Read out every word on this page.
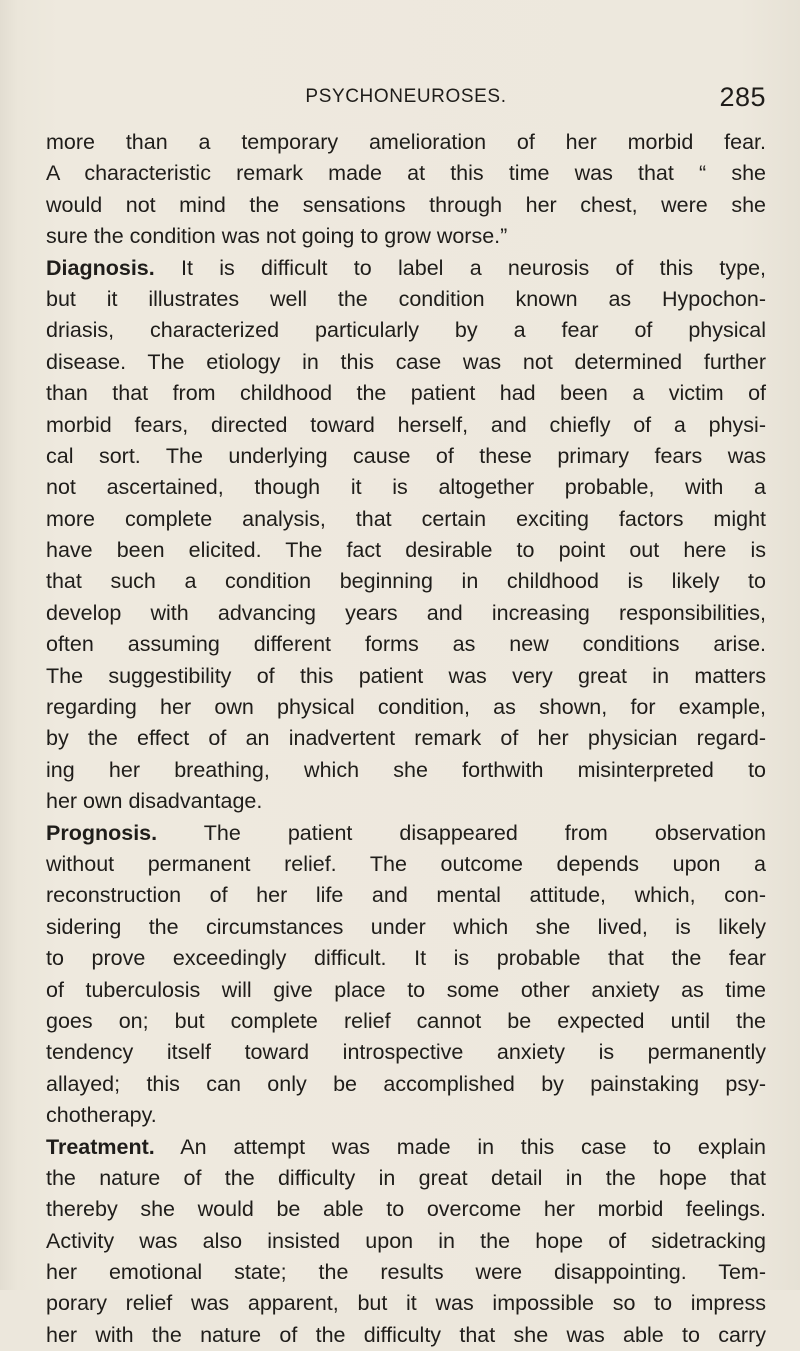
PSYCHONEUROSES.	285
more than a temporary amelioration of her morbid fear.
A characteristic remark made at this time was that “ she
would not mind the sensations through her chest, were she
sure the condition was not going to grow worse.”
Diagnosis. It is difficult to label a neurosis of this type,
but it illustrates well the condition known as Hypochon-
driasis, characterized particularly by a fear of physical
disease. The etiology in this case was not determined further
than that from childhood the patient had been a victim of
morbid fears, directed toward herself, and chiefly of a physi-
cal sort. The underlying cause of these primary fears was
not ascertained, though it is altogether probable, with a
more complete analysis, that certain exciting factors might
have been elicited. The fact desirable to point out here is
that such a condition beginning in childhood is likely to
develop with advancing years and increasing responsibilities,
often assuming different forms as new conditions arise.
The suggestibility of this patient was very great in matters
regarding her own physical condition, as shown, for example,
by the effect of an inadvertent remark of her physician regard-
ing her breathing, which she forthwith misinterpreted to
her own disadvantage.
Prognosis. The patient disappeared from observation
without permanent relief. The outcome depends upon a
reconstruction of her life and mental attitude, which, con-
sidering the circumstances under which she lived, is likely
to prove exceedingly difficult. It is probable that the fear
of tuberculosis will give place to some other anxiety as time
goes on; but complete relief cannot be expected until the
tendency itself toward introspective anxiety is permanently
allayed; this can only be accomplished by painstaking psy-
chotherapy.
Treatment. An attempt was made in this case to explain
the nature of the difficulty in great detail in the hope that
thereby she would be able to overcome her morbid feelings.
Activity was also insisted upon in the hope of sidetracking
her emotional state; the results were disappointing. Tem-
porary relief was apparent, but it was impossible so to impress
her with the nature of the difficulty that she was able to carry
